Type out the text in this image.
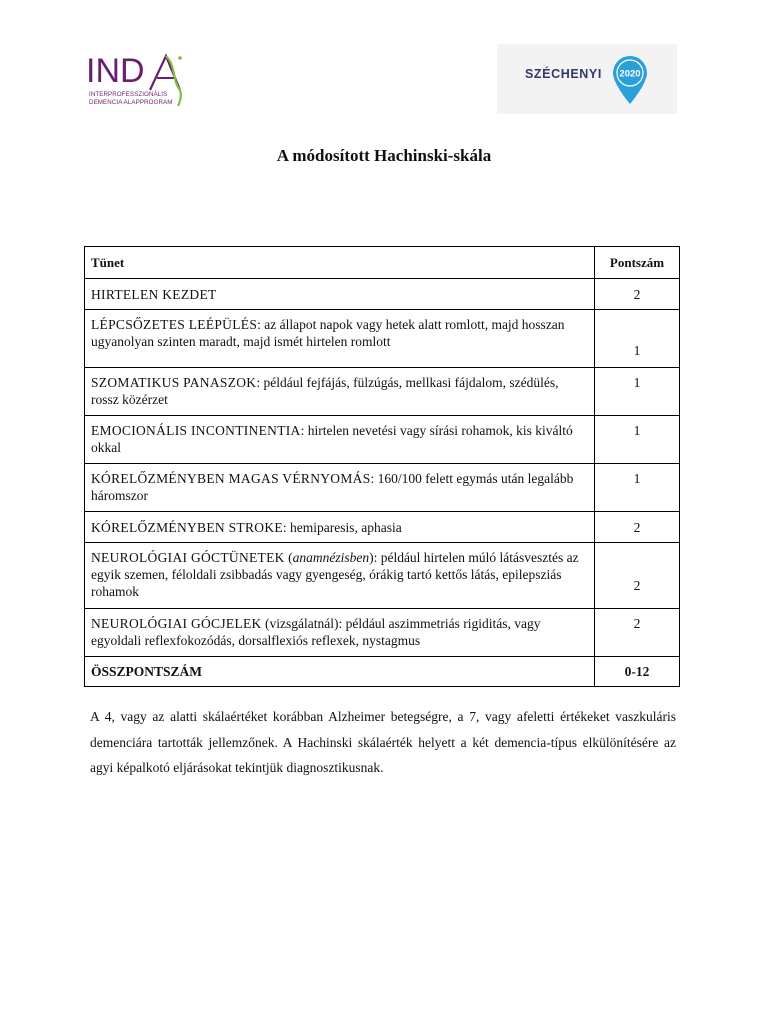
IND
INTERPROFESSZIONÁLIS
DEMENCIA ALAPPROGRAM
SZÉCHENYI 2020
A módosított Hachinski-skála
Tünet	Pontszám
HIRTELEN KEZDET	2
LÉPCSŐZETES LEÉPÜLÉS: az állapot napok vagy hetek alatt romlott, majd hosszan ugyanolyan szinten maradt, majd ismét hirtelen romlott	1
SZOMATIKUS PANASZOK: például fejfájás, fülzúgás, mellkasi fájdalom, szédülés, rossz közérzet	1
EMOCIONÁLIS INCONTINENTIA: hirtelen nevetési vagy sírási rohamok, kis kiváltó okkal	1
KÓRELŐZMÉNYBEN MAGAS VÉRNYOMÁS: 160/100 felett egymás után legalább háromszor	1
KÓRELŐZMÉNYBEN STROKE: hemiparesis, aphasia	2
NEUROLÓGIAI GÓCTÜNETEK (anamnézisben): például hirtelen múló látásvesztés az egyik szemen, féloldali zsibbadás vagy gyengeség, órákig tartó kettős látás, epilepsziás rohamok	2
NEUROLÓGIAI GÓCJELEK (vizsgálatnál): például aszimmetriás rigiditás, vagy egyoldali reflexfokozódás, dorsalflexiós reflexek, nystagmus	2
ÖSSZPONTSZÁM	0-12

A 4, vagy az alatti skálaértéket korábban Alzheimer betegségre, a 7, vagy afeletti értékeket vaszkuláris demenciára tartották jellemzőnek. A Hachinski skálaérték helyett a két demencia-típus elkülönítésére az agyi képalkotó eljárásokat tekintjük diagnosztikusnak.
